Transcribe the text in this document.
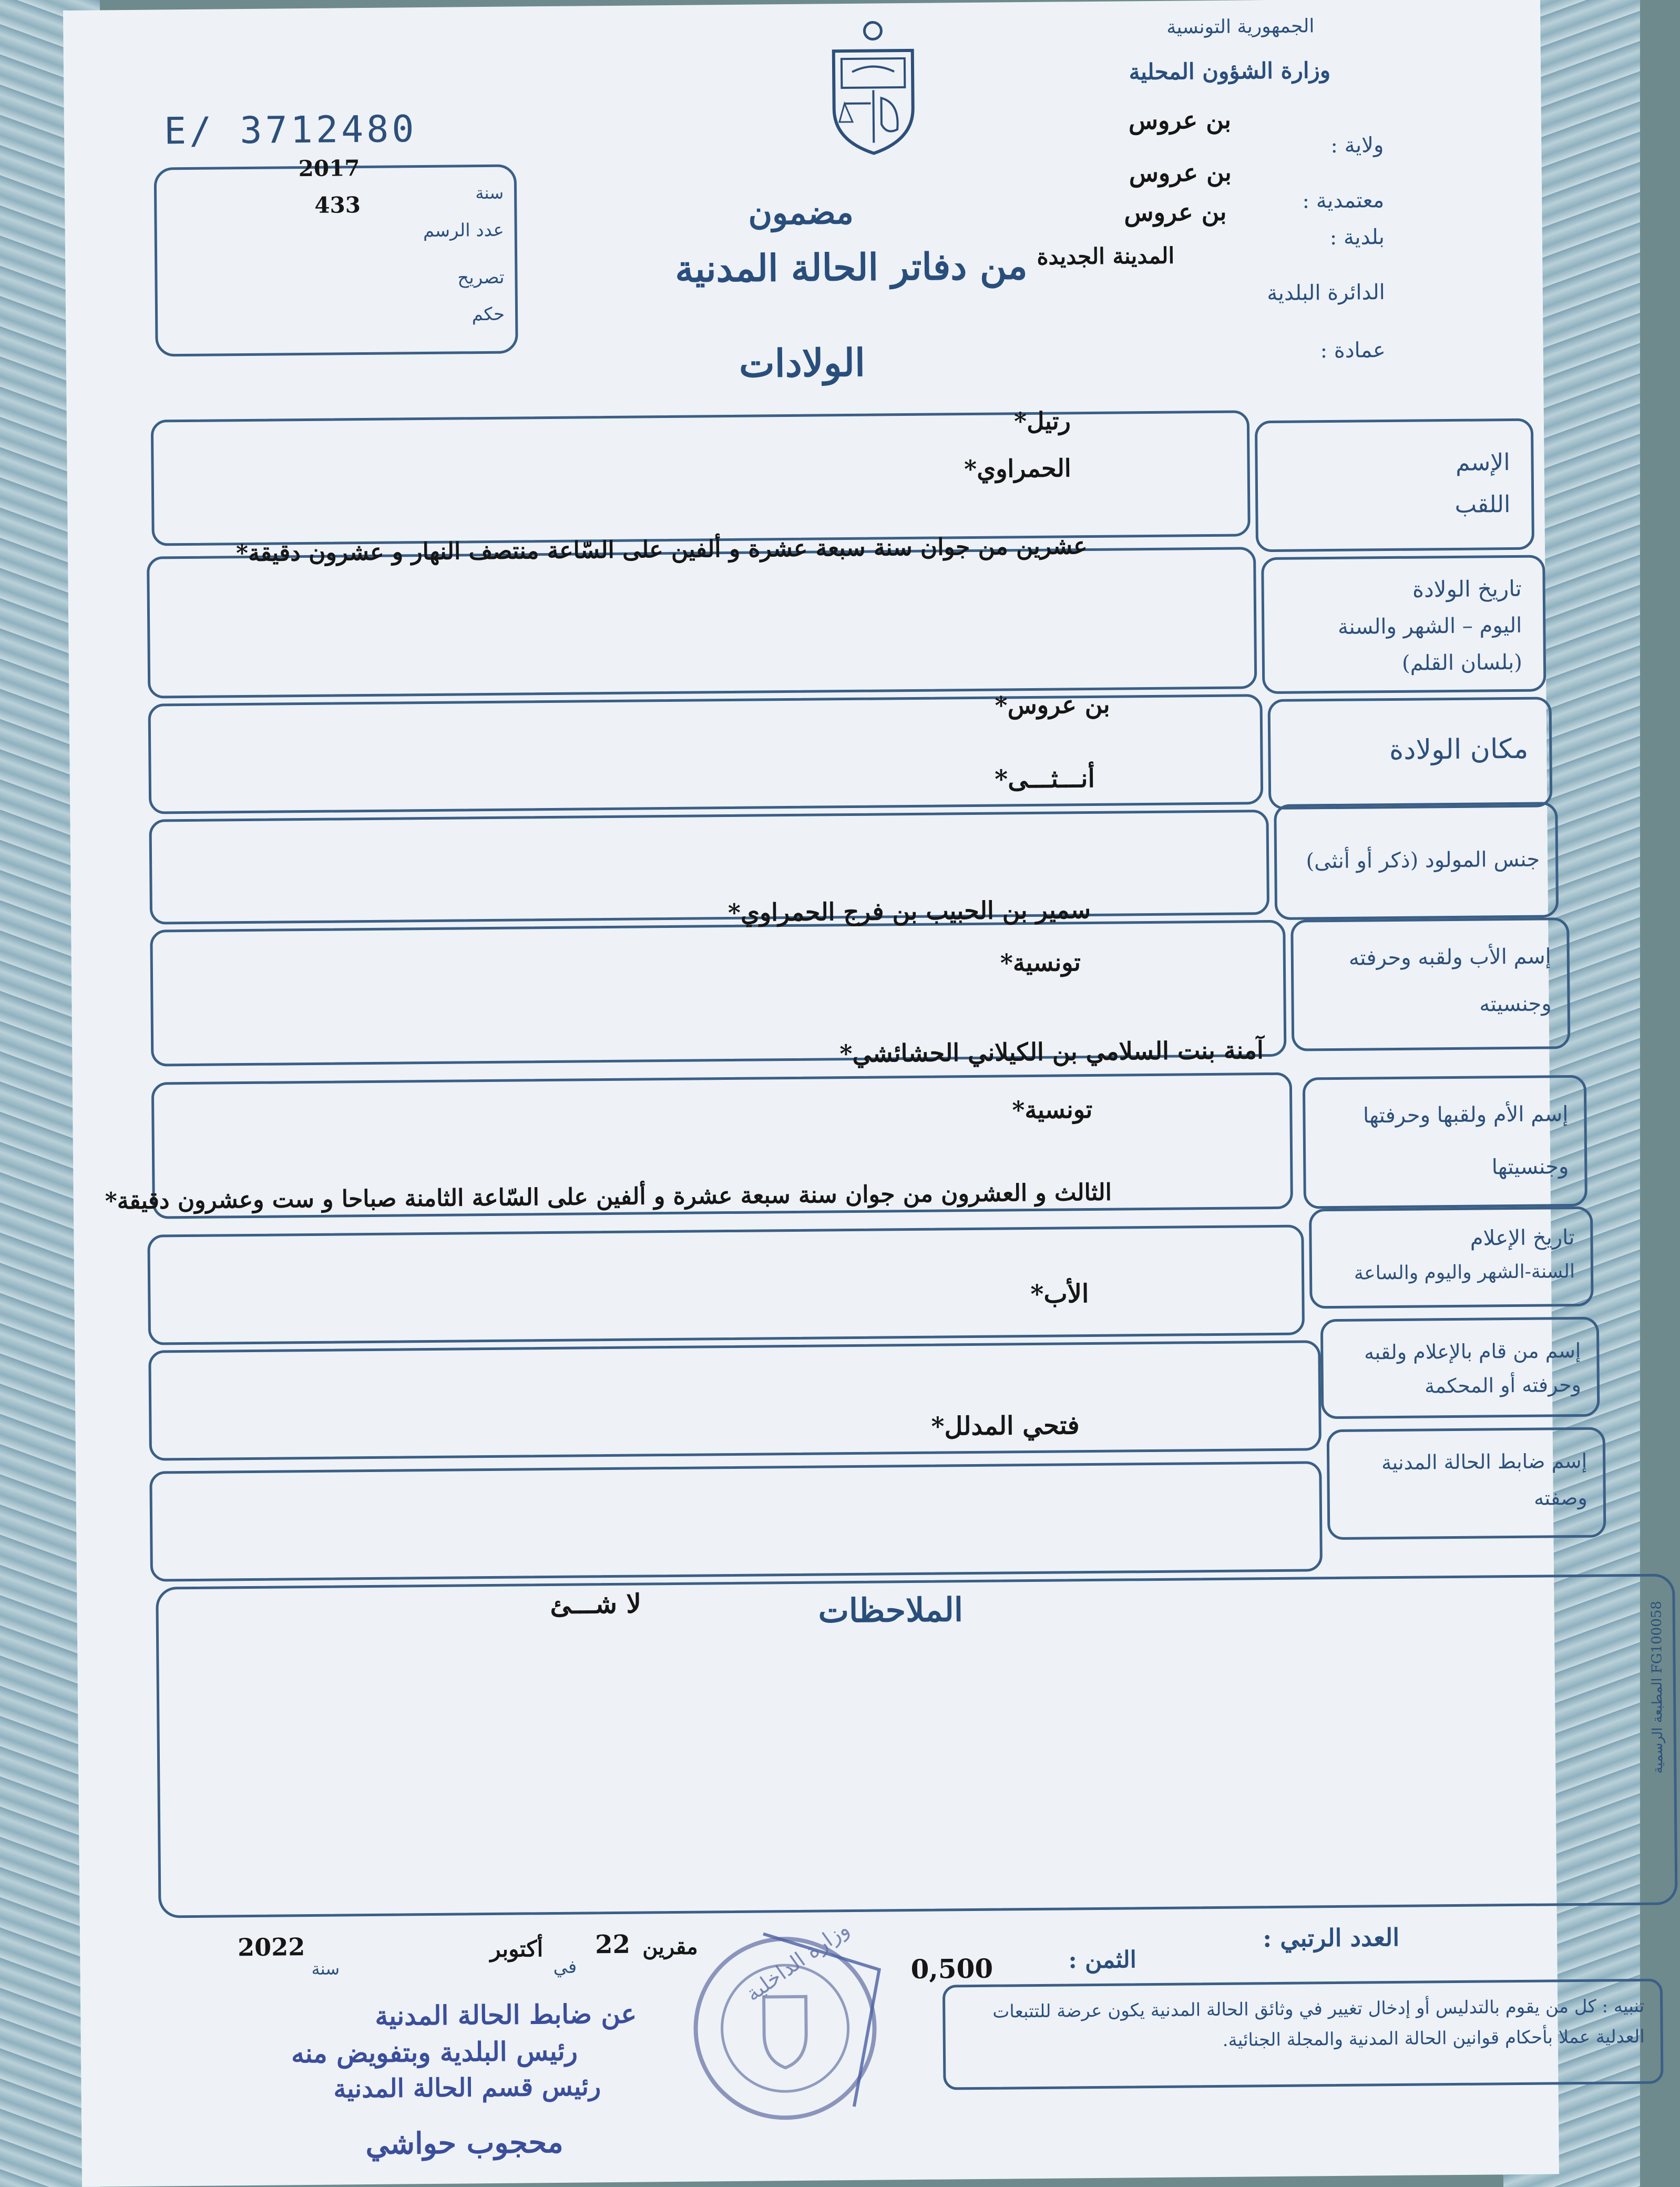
الجمهورية التونسية
وزارة الشؤون المحلية
بن عروس
ولاية :
بن عروس
معتمدية :
بن عروس
بلدية :
المدينة الجديدة
الدائرة البلدية
عمادة :
E/ 3712480
2017
سنة
433
عدد الرسم
تصريح
حكم
مضمون
من دفاتر الحالة المدنية
الولادات
الإسم
اللقب
رتيل*
الحمراوي*
تاريخ الولادة
اليوم – الشهر والسنة
(بلسان القلم)
عشرين من جوان سنة سبعة عشرة و ألفين على السّاعة منتصف النهار و عشرون دقيقة*
مكان الولادة
بن عروس*
جنس المولود (ذكر أو أنثى)
أنـــثـــى*
إسم الأب ولقبه وحرفته
وجنسيته
سمير بن الحبيب بن فرج الحمراوي*
تونسية*
إسم الأم ولقبها وحرفتها
وجنسيتها
آمنة بنت السلامي بن الكيلاني الحشائشي*
تونسية*
تاريخ الإعلام
السنة-الشهر واليوم والساعة
الثالث و العشرون من جوان سنة سبعة عشرة و ألفين على السّاعة الثامنة صباحا و ست وعشرون دقيقة*
إسم من قام بالإعلام ولقبه
وحرفته أو المحكمة
الأب*
إسم ضابط الحالة المدنية
وصفته
فتحي المدلل*
الملاحظات
لا شـــئ
المطبعة الرسمية FG100058
العدد الرتبي :
الثمن :
0,500
مقرين
في
22
أكتوبر
سنة
2022
تنبيه : كل من يقوم بالتدليس أو إدخال تغيير في وثائق الحالة المدنية يكون عرضة للتتبعات العدلية عملا بأحكام قوانين الحالة المدنية والمجلة الجنائية.
وزارة الداخلية
عن ضابط الحالة المدنية
رئيس البلدية وبتفويض منه
رئيس قسم الحالة المدنية
محجوب حواشي
